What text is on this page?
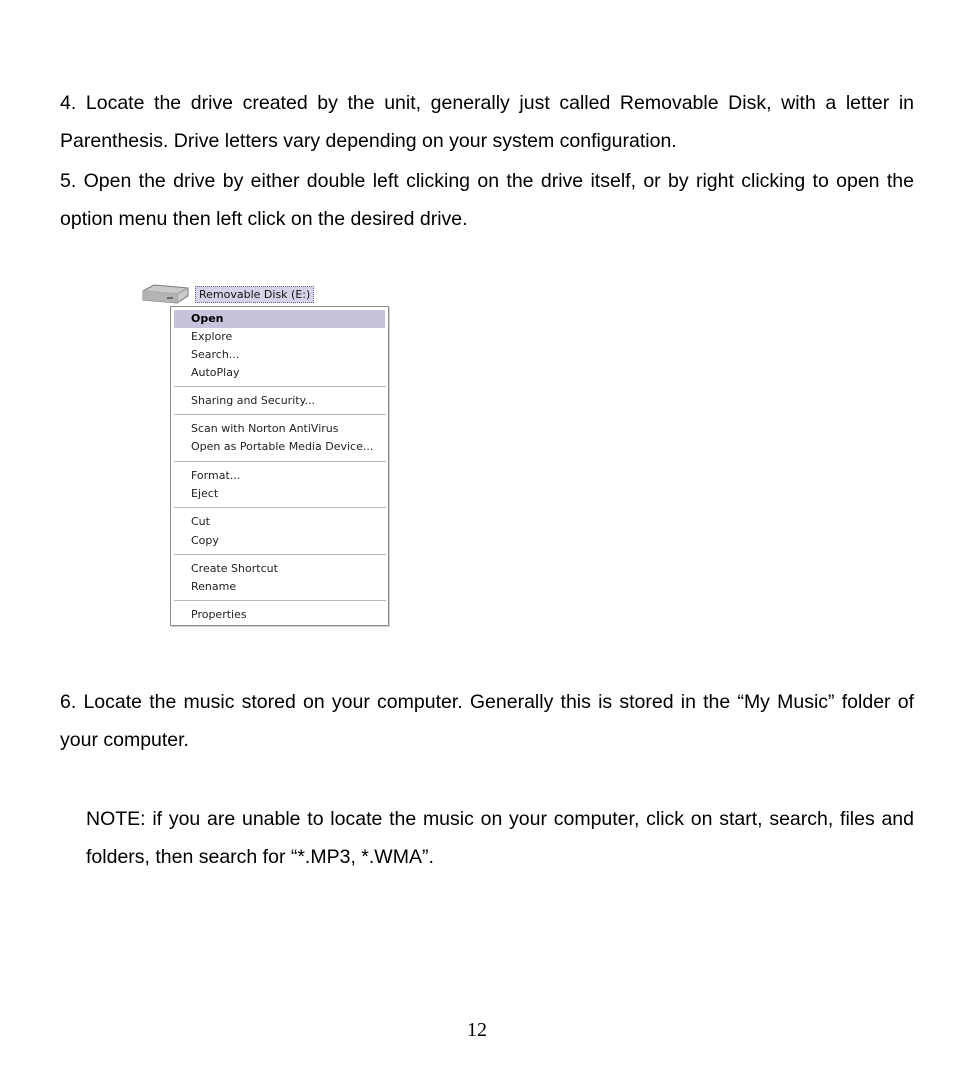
4. Locate the drive created by the unit, generally just called Removable Disk, with a letter in Parenthesis. Drive letters vary depending on your system configuration.

5. Open the drive by either double left clicking on the drive itself, or by right clicking to open the option menu then left click on the desired drive.

Removable Disk (E:)
Open
Explore
Search...
AutoPlay
Sharing and Security...
Scan with Norton AntiVirus
Open as Portable Media Device...
Format...
Eject
Cut
Copy
Create Shortcut
Rename
Properties

6. Locate the music stored on your computer. Generally this is stored in the “My Music” folder of your computer.

NOTE: if you are unable to locate the music on your computer, click on start, search, files and folders, then search for “*.MP3, *.WMA”.

12
